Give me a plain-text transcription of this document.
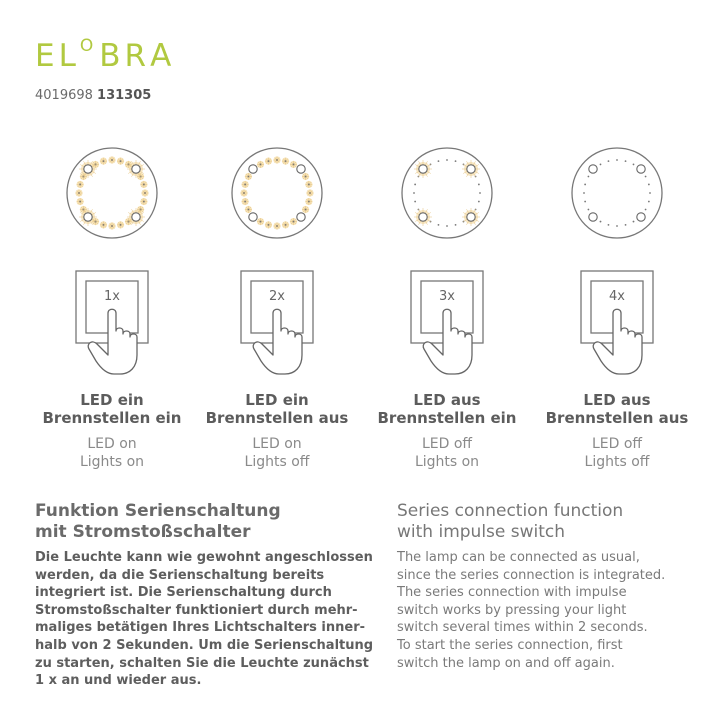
E L O B R A
4019698 131305
1x
LED ein
Brennstellen ein
LED on
Lights on
2x
LED ein
Brennstellen aus
LED on
Lights off
3x
LED aus
Brennstellen ein
LED off
Lights on
4x
LED aus
Brennstellen aus
LED off
Lights off
Funktion Serienschaltung
mit Stromstoßschalter
Series connection function
with impulse switch
Die Leuchte kann wie gewohnt angeschlossen
werden, da die Serienschaltung bereits
integriert ist. Die Serienschaltung durch
Stromstoßschalter funktioniert durch mehr-
maliges betätigen Ihres Lichtschalters inner-
halb von 2 Sekunden. Um die Serienschaltung
zu starten, schalten Sie die Leuchte zunächst
1 x an und wieder aus.
The lamp can be connected as usual,
since the series connection is integrated.
The series connection with impulse
switch works by pressing your light
switch several times within 2 seconds.
To start the series connection, first
switch the lamp on and off again.
